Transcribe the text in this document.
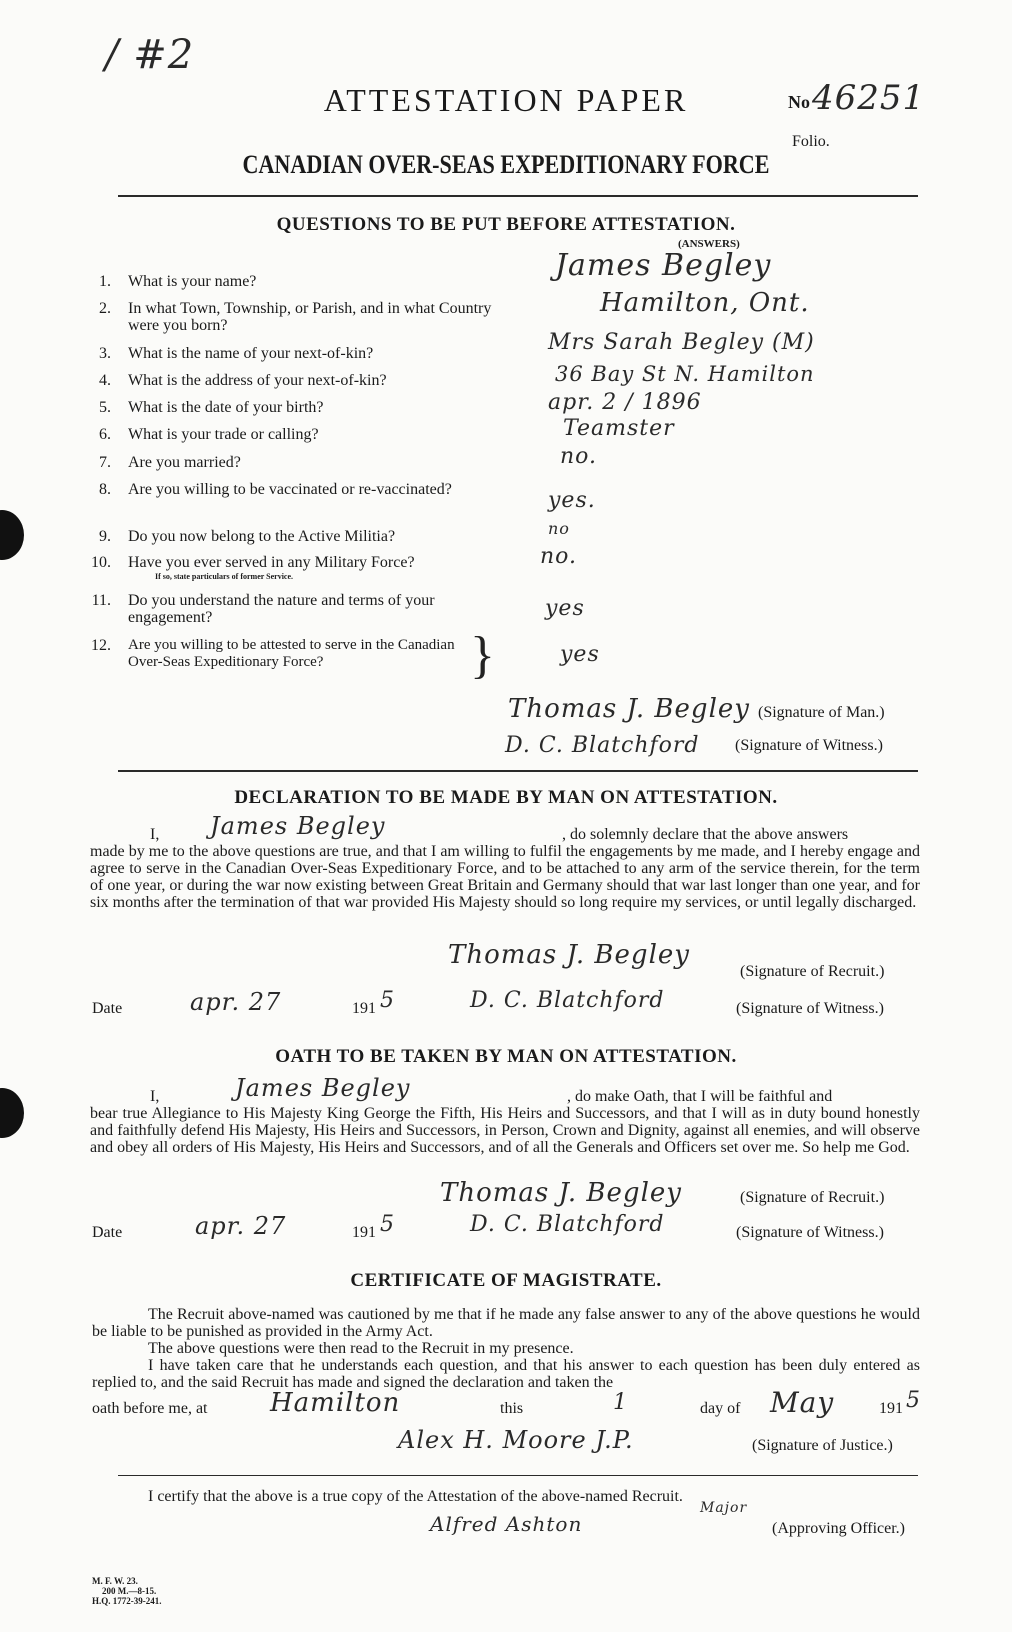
/ #2
No 46251
Folio.
ATTESTATION PAPER
CANADIAN OVER-SEAS EXPEDITIONARY FORCE
QUESTIONS TO BE PUT BEFORE ATTESTATION.
(ANSWERS)
1. What is your name?	James Begley
2. In what Town, Township, or Parish, and in what Country were you born?
Hamilton, Ont.
3. What is the name of your next-of-kin?	Mrs Sarah Begley (M)
4. What is the address of your next-of-kin?	36 Bay St N. Hamilton
5. What is the date of your birth?	apr. 2 / 1896
6. What is your trade or calling?	Teamster
7. Are you married?	no.
8. Are you willing to be vaccinated or re-vaccinated?	yes.
9. Do you now belong to the Active Militia?	no
10. Have you ever served in any Military Force?
If so, state particulars of former Service.
no.
11. Do you understand the nature and terms of your engagement?	yes
12. Are you willing to be attested to serve in the Canadian Over-Seas Expeditionary Force?	}	yes
Thomas J. Begley (Signature of Man.)
D. C. Blatchford (Signature of Witness.)
DECLARATION TO BE MADE BY MAN ON ATTESTATION.
I, James Begley	, do solemnly declare that the above answers
made by me to the above questions are true, and that I am willing to fulfil the engagements by me made, and I hereby engage and agree to serve in the Canadian Over-Seas Expeditionary Force, and to be attached to any arm of the service therein, for the term of one year, or during the war now existing between Great Britain and Germany should that war last longer than one year, and for six months after the termination of that war provided His Majesty should so long require my services, or until legally discharged.
Thomas J. Begley
(Signature of Recruit.)
Date	apr. 27	191 5	D. C. Blatchford	(Signature of Witness.)
OATH TO BE TAKEN BY MAN ON ATTESTATION.
I,	James Begley	, do make Oath, that I will be faithful and
bear true Allegiance to His Majesty King George the Fifth, His Heirs and Successors, and that I will as in duty bound honestly and faithfully defend His Majesty, His Heirs and Successors, in Person, Crown and Dignity, against all enemies, and will observe and obey all orders of His Majesty, His Heirs and Successors, and of all the Generals and Officers set over me. So help me God.
Thomas J. Begley	(Signature of Recruit.)
Date	apr. 27	191 5	D. C. Blatchford	(Signature of Witness.)
CERTIFICATE OF MAGISTRATE.
The Recruit above-named was cautioned by me that if he made any false answer to any of the above questions he would be liable to be punished as provided in the Army Act.
The above questions were then read to the Recruit in my presence.
I have taken care that he understands each question, and that his answer to each question has been duly entered as replied to, and the said Recruit has made and signed the declaration and taken the
oath before me, at Hamilton	this	1	day of May	191 5
Alex H. Moore J.P.	(Signature of Justice.)
I certify that the above is a true copy of the Attestation of the above-named Recruit.
Alfred Ashton
Major
(Approving Officer.)
M. F. W. 23.
200 M.—8-15.
H.Q. 1772-39-241.
